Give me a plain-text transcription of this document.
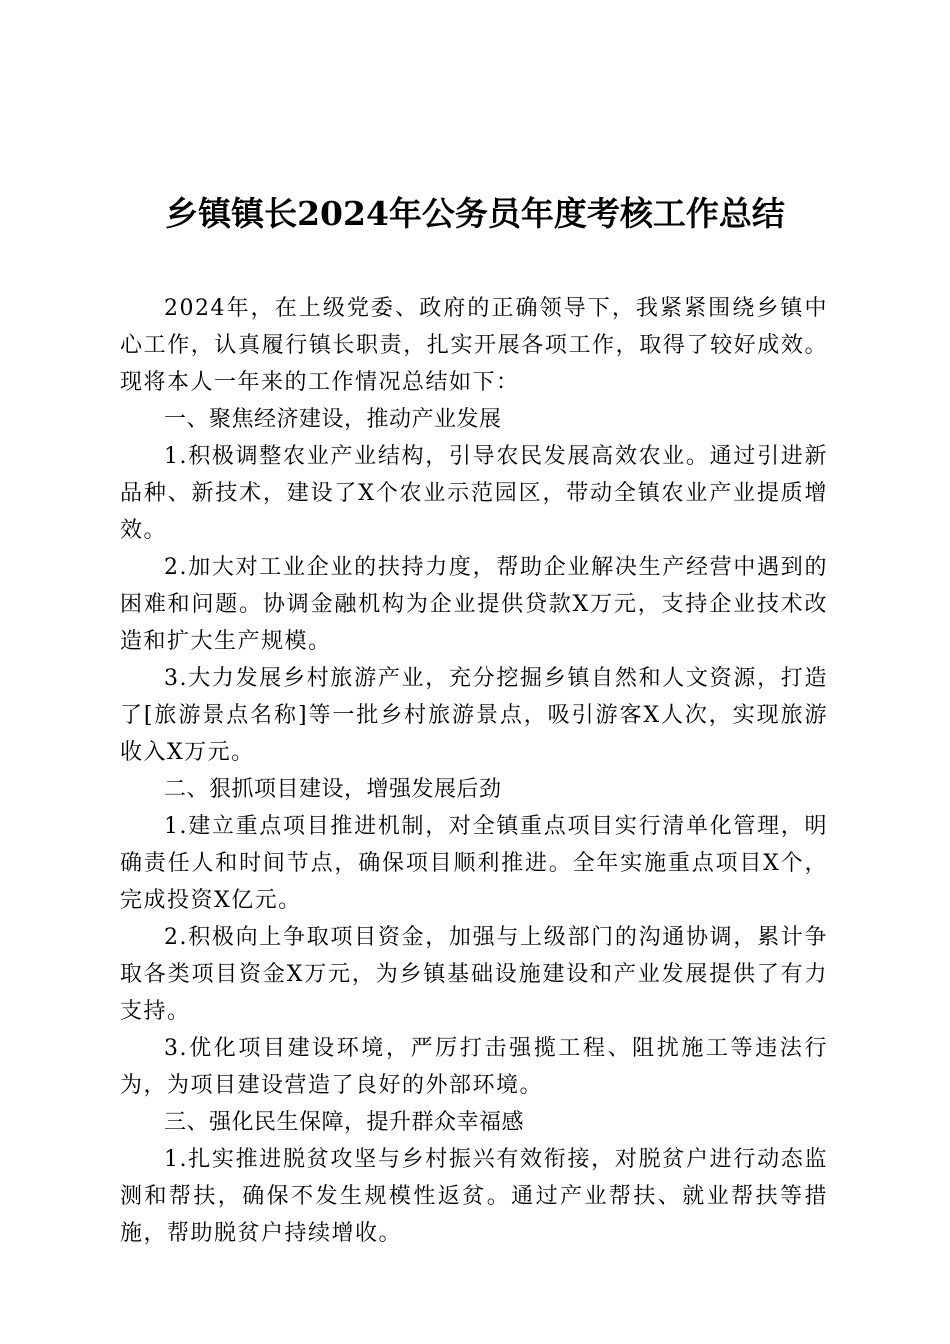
乡镇镇长2024年公务员年度考核工作总结

2024年，在上级党委、政府的正确领导下，我紧紧围绕乡镇中心工作，认真履行镇长职责，扎实开展各项工作，取得了较好成效。现将本人一年来的工作情况总结如下：

一、聚焦经济建设，推动产业发展

1.积极调整农业产业结构，引导农民发展高效农业。通过引进新品种、新技术，建设了X个农业示范园区，带动全镇农业产业提质增效。

2.加大对工业企业的扶持力度，帮助企业解决生产经营中遇到的困难和问题。协调金融机构为企业提供贷款X万元，支持企业技术改造和扩大生产规模。

3.大力发展乡村旅游产业，充分挖掘乡镇自然和人文资源，打造了[旅游景点名称]等一批乡村旅游景点，吸引游客X人次，实现旅游收入X万元。

二、狠抓项目建设，增强发展后劲

1.建立重点项目推进机制，对全镇重点项目实行清单化管理，明确责任人和时间节点，确保项目顺利推进。全年实施重点项目X个，完成投资X亿元。

2.积极向上争取项目资金，加强与上级部门的沟通协调，累计争取各类项目资金X万元，为乡镇基础设施建设和产业发展提供了有力支持。

3.优化项目建设环境，严厉打击强揽工程、阻扰施工等违法行为，为项目建设营造了良好的外部环境。

三、强化民生保障，提升群众幸福感

1.扎实推进脱贫攻坚与乡村振兴有效衔接，对脱贫户进行动态监测和帮扶，确保不发生规模性返贫。通过产业帮扶、就业帮扶等措施，帮助脱贫户持续增收。
